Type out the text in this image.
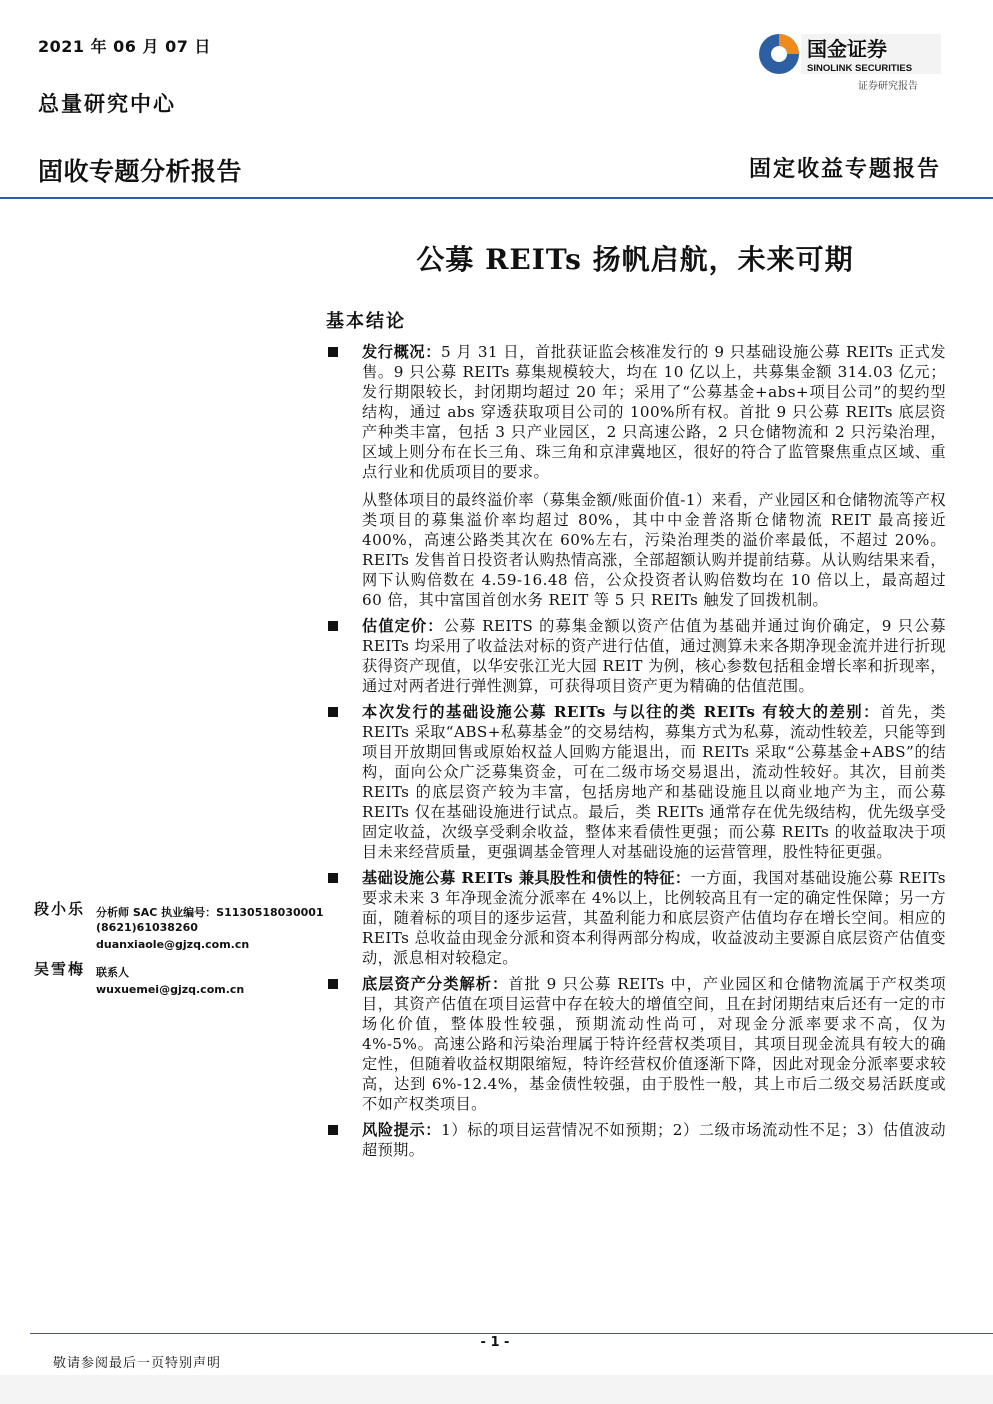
2021 年 06 月 07 日
总量研究中心
国金证券
SINOLINK SECURITIES
证券研究报告
固收专题分析报告	固定收益专题报告
公募 REITs 扬帆启航，未来可期
基本结论
发行概况：5 月 31 日，首批获证监会核准发行的 9 只基础设施公募 REITs 正式发售。9 只公募 REITs 募集规模较大，均在 10 亿以上，共募集金额 314.03 亿元；发行期限较长，封闭期均超过 20 年；采用了“公募基金+abs+项目公司”的契约型结构，通过 abs 穿透获取项目公司的 100%所有权。首批 9 只公募 REITs 底层资产种类丰富，包括 3 只产业园区，2 只高速公路，2 只仓储物流和 2 只污染治理，区域上则分布在长三角、珠三角和京津冀地区，很好的符合了监管聚焦重点区域、重点行业和优质项目的要求。
从整体项目的最终溢价率（募集金额/账面价值-1）来看，产业园区和仓储物流等产权类项目的募集溢价率均超过 80%，其中中金普洛斯仓储物流 REIT 最高接近 400%，高速公路类其次在 60%左右，污染治理类的溢价率最低，不超过 20%。REITs 发售首日投资者认购热情高涨，全部超额认购并提前结募。从认购结果来看，网下认购倍数在 4.59-16.48 倍，公众投资者认购倍数均在 10 倍以上，最高超过 60 倍，其中富国首创水务 REIT 等 5 只 REITs 触发了回拨机制。
估值定价：公募 REITS 的募集金额以资产估值为基础并通过询价确定，9 只公募 REITs 均采用了收益法对标的资产进行估值，通过测算未来各期净现金流并进行折现获得资产现值，以华安张江光大园 REIT 为例，核心参数包括租金增长率和折现率，通过对两者进行弹性测算，可获得项目资产更为精确的估值范围。
本次发行的基础设施公募 REITs 与以往的类 REITs 有较大的差别：首先，类 REITs 采取“ABS+私募基金”的交易结构，募集方式为私募，流动性较差，只能等到项目开放期回售或原始权益人回购方能退出，而 REITs 采取“公募基金+ABS”的结构，面向公众广泛募集资金，可在二级市场交易退出，流动性较好。其次，目前类 REITs 的底层资产较为丰富，包括房地产和基础设施且以商业地产为主，而公募 REITs 仅在基础设施进行试点。最后，类 REITs 通常存在优先级结构，优先级享受固定收益，次级享受剩余收益，整体来看债性更强；而公募 REITs 的收益取决于项目未来经营质量，更强调基金管理人对基础设施的运营管理，股性特征更强。
基础设施公募 REITs 兼具股性和债性的特征：一方面，我国对基础设施公募 REITs 要求未来 3 年净现金流分派率在 4%以上，比例较高且有一定的确定性保障；另一方面，随着标的项目的逐步运营，其盈利能力和底层资产估值均存在增长空间。相应的 REITs 总收益由现金分派和资本利得两部分构成，收益波动主要源自底层资产估值变动，派息相对较稳定。
底层资产分类解析：首批 9 只公募 REITs 中，产业园区和仓储物流属于产权类项目，其资产估值在项目运营中存在较大的增值空间，且在封闭期结束后还有一定的市场化价值，整体股性较强，预期流动性尚可，对现金分派率要求不高，仅为 4%-5%。高速公路和污染治理属于特许经营权类项目，其项目现金流具有较大的确定性，但随着收益权期限缩短，特许经营权价值逐渐下降，因此对现金分派率要求较高，达到 6%-12.4%，基金债性较强，由于股性一般，其上市后二级交易活跃度或不如产权类项目。
风险提示：1）标的项目运营情况不如预期；2）二级市场流动性不足；3）估值波动超预期。
段小乐 分析师 SAC 执业编号：S1130518030001
(8621)61038260
duanxiaole@gjzq.com.cn
吴雪梅 联系人
wuxuemei@gjzq.com.cn
- 1 -
敬请参阅最后一页特别声明
